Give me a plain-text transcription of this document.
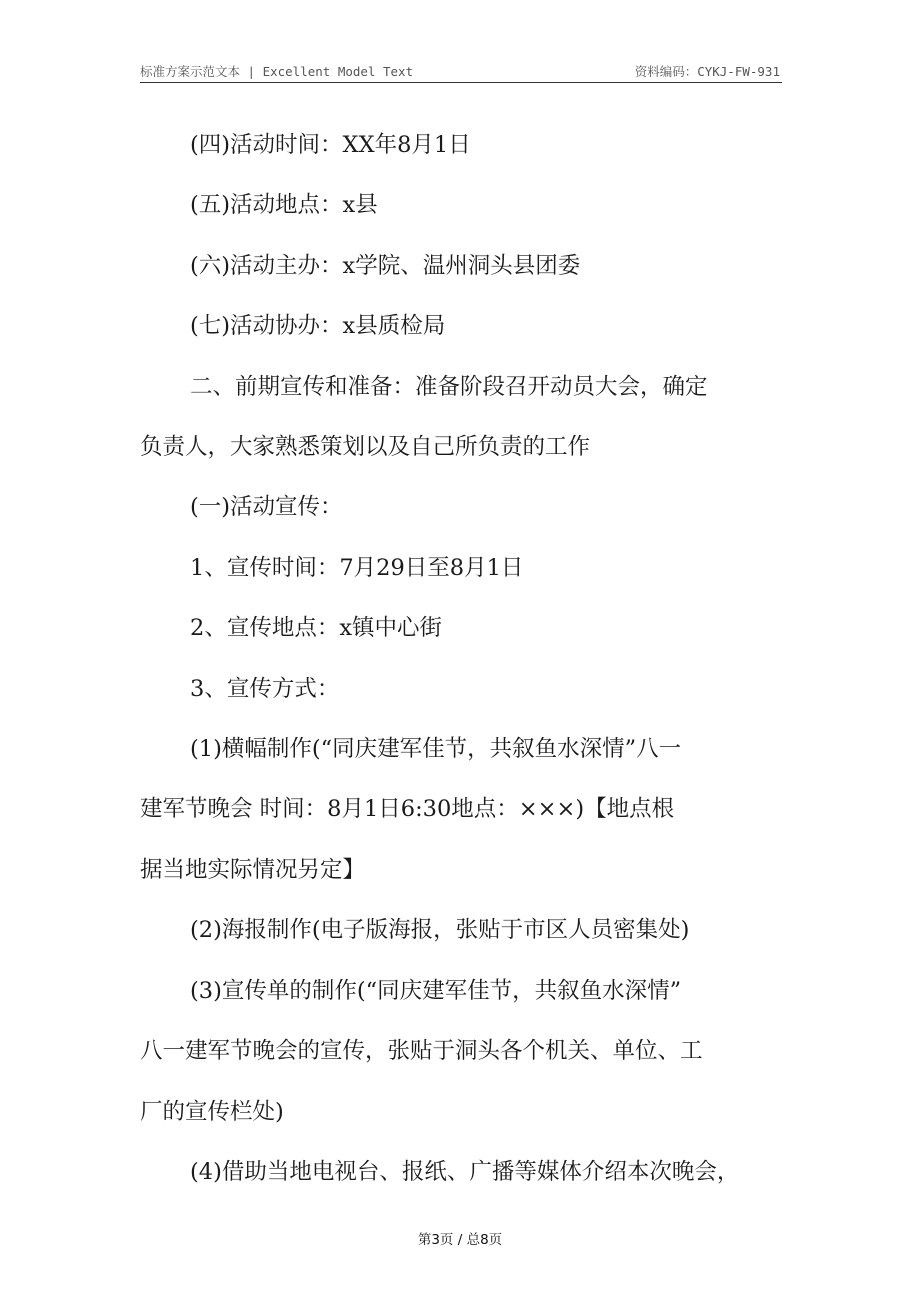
标准方案示范文本 | Excellent Model Text	资料编码：CYKJ-FW-931

(四)活动时间：XX年8月1日

(五)活动地点：x县

(六)活动主办：x学院、温州洞头县团委

(七)活动协办：x县质检局

二、前期宣传和准备：准备阶段召开动员大会，确定

负责人，大家熟悉策划以及自己所负责的工作

(一)活动宣传：

1、宣传时间：7月29日至8月1日

2、宣传地点：x镇中心街

3、宣传方式：

(1)横幅制作(“同庆建军佳节，共叙鱼水深情”八一

建军节晚会 时间：8月1日6:30地点：×××)【地点根

据当地实际情况另定】

(2)海报制作(电子版海报，张贴于市区人员密集处)

(3)宣传单的制作(“同庆建军佳节，共叙鱼水深情”

八一建军节晚会的宣传，张贴于洞头各个机关、单位、工

厂的宣传栏处)

(4)借助当地电视台、报纸、广播等媒体介绍本次晚会，

第3页 / 总8页
